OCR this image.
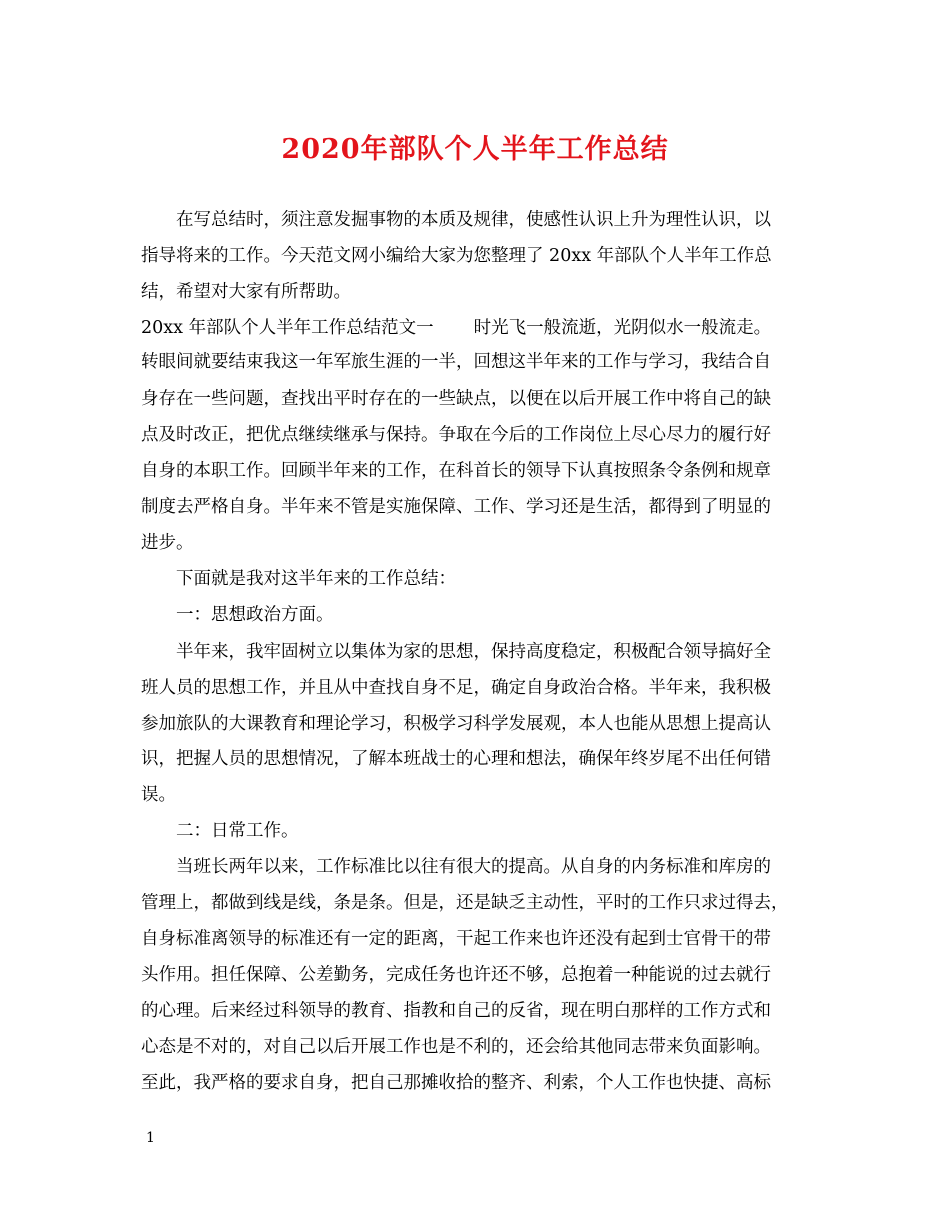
2020年部队个人半年工作总结
　　在写总结时，须注意发掘事物的本质及规律，使感性认识上升为理性认识，以
指导将来的工作。今天范文网小编给大家为您整理了 20xx 年部队个人半年工作总
结，希望对大家有所帮助。
20xx 年部队个人半年工作总结范文一 时光飞一般流逝，光阴似水一般流走。
转眼间就要结束我这一年军旅生涯的一半，回想这半年来的工作与学习，我结合自
身存在一些问题，查找出平时存在的一些缺点，以便在以后开展工作中将自己的缺
点及时改正，把优点继续继承与保持。争取在今后的工作岗位上尽心尽力的履行好
自身的本职工作。回顾半年来的工作，在科首长的领导下认真按照条令条例和规章
制度去严格自身。半年来不管是实施保障、工作、学习还是生活，都得到了明显的
进步。
　　下面就是我对这半年来的工作总结：
　　一：思想政治方面。
　　半年来，我牢固树立以集体为家的思想，保持高度稳定，积极配合领导搞好全
班人员的思想工作，并且从中查找自身不足，确定自身政治合格。半年来，我积极
参加旅队的大课教育和理论学习，积极学习科学发展观，本人也能从思想上提高认
识，把握人员的思想情况，了解本班战士的心理和想法，确保年终岁尾不出任何错
误。
　　二：日常工作。
　　当班长两年以来，工作标准比以往有很大的提高。从自身的内务标准和库房的
管理上，都做到线是线，条是条。但是，还是缺乏主动性，平时的工作只求过得去，
自身标准离领导的标准还有一定的距离，干起工作来也许还没有起到士官骨干的带
头作用。担任保障、公差勤务，完成任务也许还不够，总抱着一种能说的过去就行
的心理。后来经过科领导的教育、指教和自己的反省，现在明白那样的工作方式和
心态是不对的，对自己以后开展工作也是不利的，还会给其他同志带来负面影响。
至此，我严格的要求自身，把自己那摊收拾的整齐、利索，个人工作也快捷、高标
1
